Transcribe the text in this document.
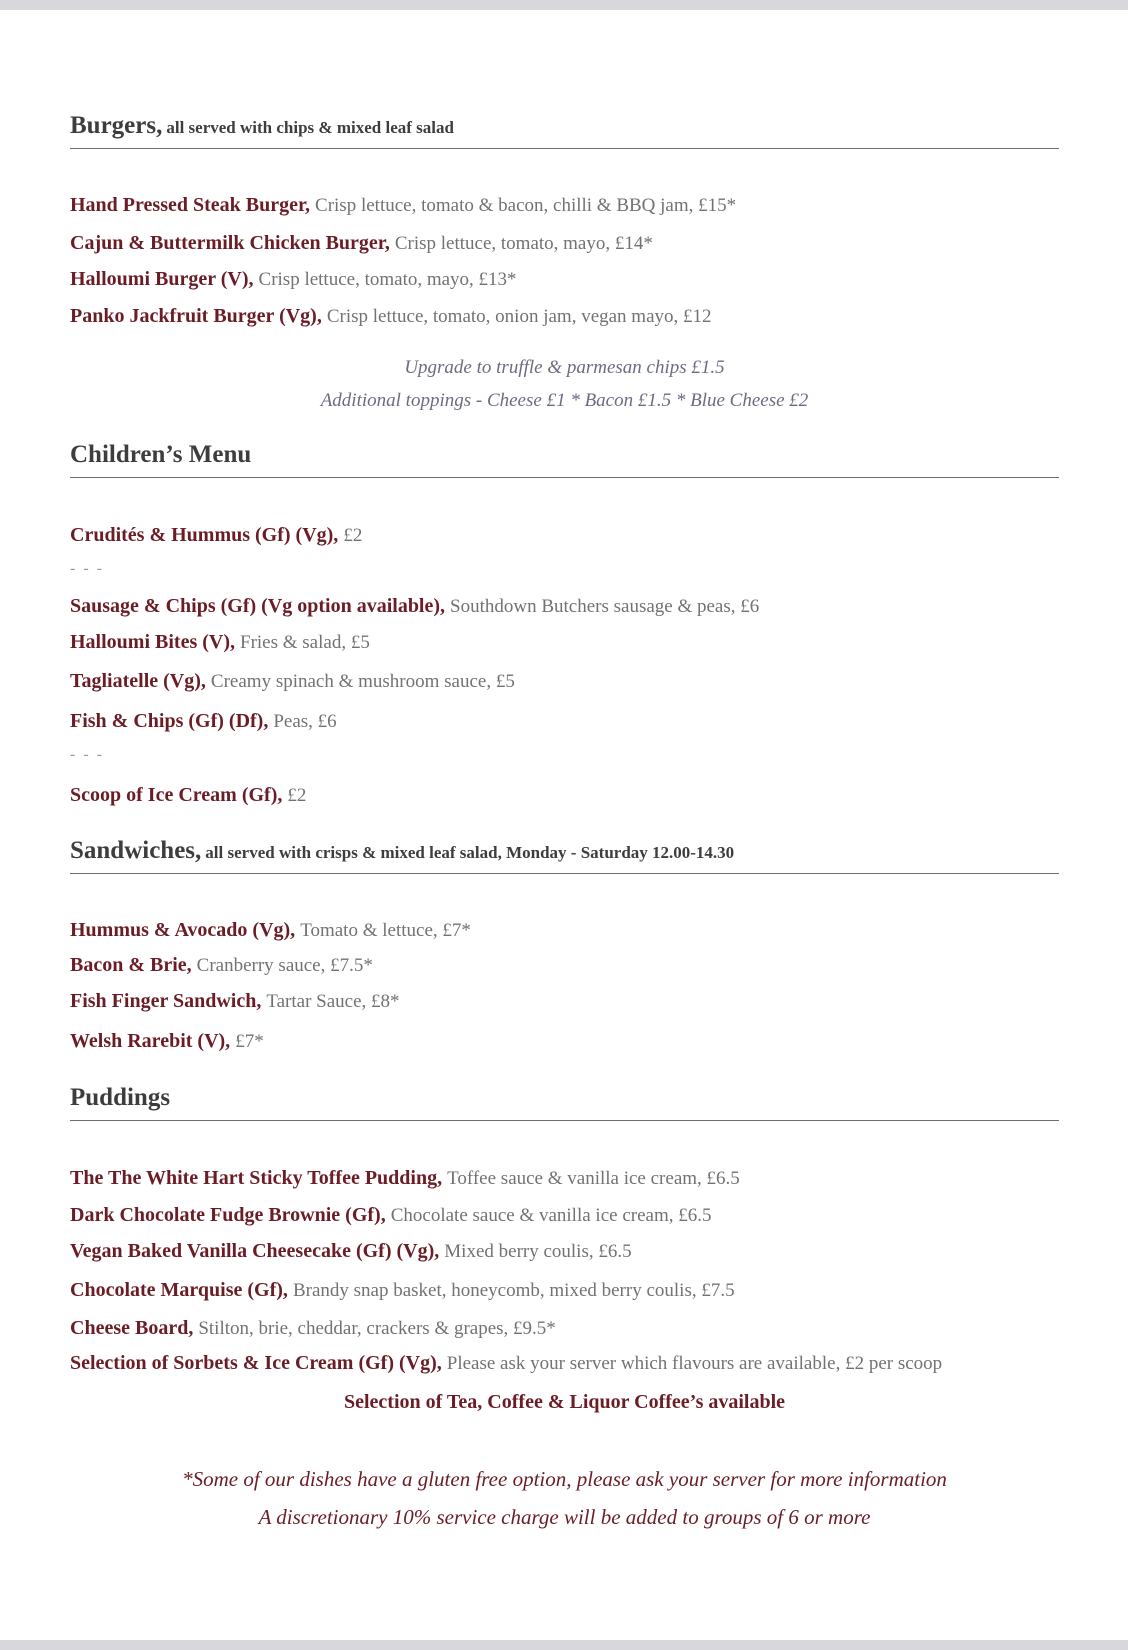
Burgers, all served with chips & mixed leaf salad
Hand Pressed Steak Burger, Crisp lettuce, tomato & bacon, chilli & BBQ jam, £15*
Cajun & Buttermilk Chicken Burger, Crisp lettuce, tomato, mayo, £14*
Halloumi Burger (V), Crisp lettuce, tomato, mayo, £13*
Panko Jackfruit Burger (Vg), Crisp lettuce, tomato, onion jam, vegan mayo, £12
Upgrade to truffle & parmesan chips £1.5
Additional toppings - Cheese £1 * Bacon £1.5 * Blue Cheese £2
Children’s Menu
Crudités & Hummus (Gf) (Vg), £2
- - -
Sausage & Chips (Gf) (Vg option available), Southdown Butchers sausage & peas, £6
Halloumi Bites (V), Fries & salad, £5
Tagliatelle (Vg), Creamy spinach & mushroom sauce, £5
Fish & Chips (Gf) (Df), Peas, £6
- - -
Scoop of Ice Cream (Gf), £2
Sandwiches, all served with crisps & mixed leaf salad, Monday - Saturday 12.00-14.30
Hummus & Avocado (Vg), Tomato & lettuce, £7*
Bacon & Brie, Cranberry sauce, £7.5*
Fish Finger Sandwich, Tartar Sauce, £8*
Welsh Rarebit (V), £7*
Puddings
The The White Hart Sticky Toffee Pudding, Toffee sauce & vanilla ice cream, £6.5
Dark Chocolate Fudge Brownie (Gf), Chocolate sauce & vanilla ice cream, £6.5
Vegan Baked Vanilla Cheesecake (Gf) (Vg), Mixed berry coulis, £6.5
Chocolate Marquise (Gf), Brandy snap basket, honeycomb, mixed berry coulis, £7.5
Cheese Board, Stilton, brie, cheddar, crackers & grapes, £9.5*
Selection of Sorbets & Ice Cream (Gf) (Vg), Please ask your server which flavours are available, £2 per scoop
Selection of Tea, Coffee & Liquor Coffee’s available
*Some of our dishes have a gluten free option, please ask your server for more information
A discretionary 10% service charge will be added to groups of 6 or more
